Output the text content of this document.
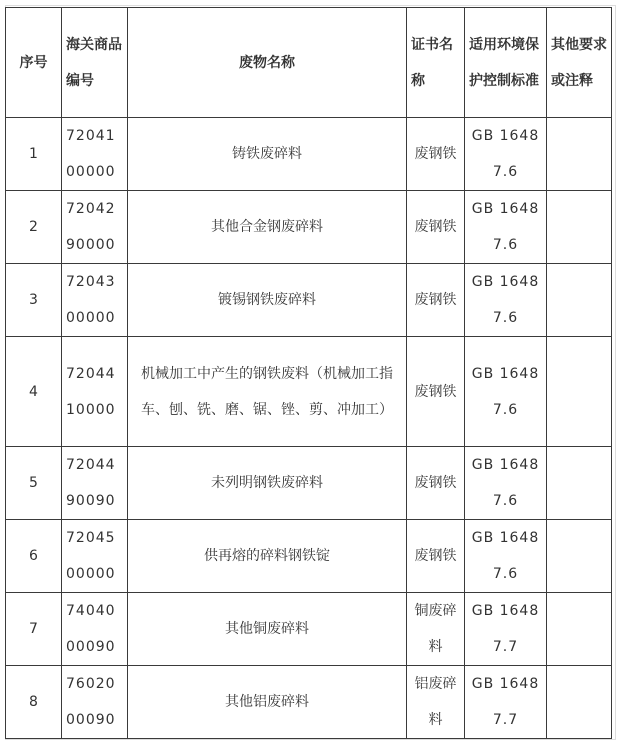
序号	海关商品编号	废物名称	证书名称	适用环境保护控制标准	其他要求或注释
1	7204100000	铸铁废碎料	废钢铁	GB 16487.6	
2	7204290000	其他合金钢废碎料	废钢铁	GB 16487.6	
3	7204300000	镀锡钢铁废碎料	废钢铁	GB 16487.6	
4	7204410000	机械加工中产生的钢铁废料（机械加工指车、刨、铣、磨、锯、锉、剪、冲加工）	废钢铁	GB 16487.6	
5	7204490090	未列明钢铁废碎料	废钢铁	GB 16487.6	
6	7204500000	供再熔的碎料钢铁锭	废钢铁	GB 16487.6	
7	7404000090	其他铜废碎料	铜废碎料	GB 16487.7	
8	7602000090	其他铝废碎料	铝废碎料	GB 16487.7	
